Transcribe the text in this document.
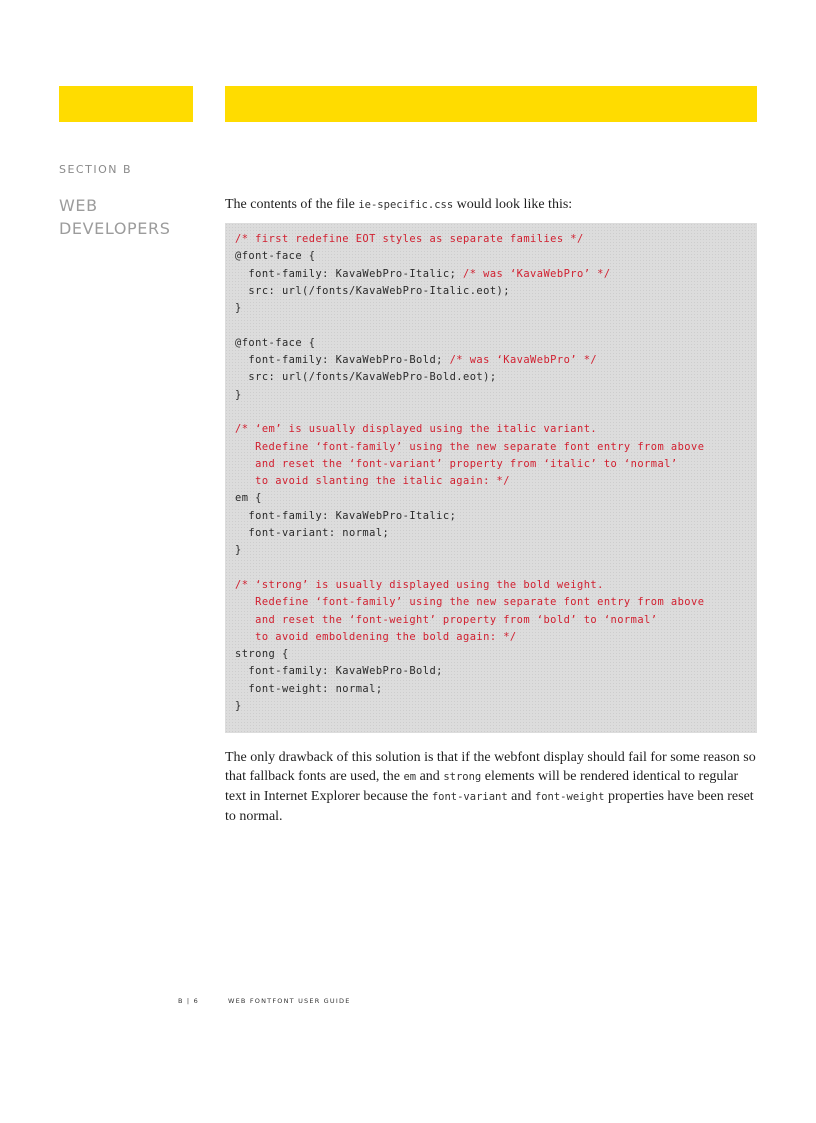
SECTION B
WEB
DEVELOPERS

The contents of the file ie-specific.css would look like this:

/* first redefine EOT styles as separate families */
@font-face {
font-family: KavaWebPro-Italic; /* was ‘KavaWebPro’ */
src: url(/fonts/KavaWebPro-Italic.eot);
}
@font-face {
font-family: KavaWebPro-Bold; /* was ‘KavaWebPro’ */
src: url(/fonts/KavaWebPro-Bold.eot);
}
/* ‘em’ is usually displayed using the italic variant.
Redefine ‘font-family’ using the new separate font entry from above
and reset the ‘font-variant’ property from ‘italic’ to ‘normal’
to avoid slanting the italic again: */
em {
font-family: KavaWebPro-Italic;
font-variant: normal;
}
/* ‘strong’ is usually displayed using the bold weight.
Redefine ‘font-family’ using the new separate font entry from above
and reset the ‘font-weight’ property from ‘bold’ to ‘normal’
to avoid emboldening the bold again: */
strong {
font-family: KavaWebPro-Bold;
font-weight: normal;
}

The only drawback of this solution is that if the webfont display should fail for some reason so that fallback fonts are used, the em and strong elements will be rendered identical to regular text in Internet Explorer because the font-variant and font-weight properties have been reset to normal.

B | 6	WEB FONTFONT USER GUIDE
